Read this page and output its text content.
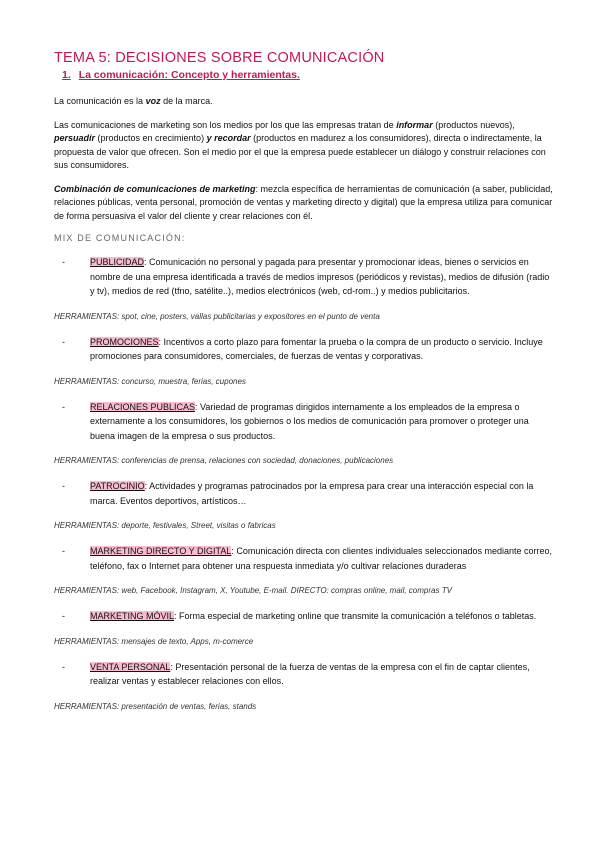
TEMA 5: DECISIONES SOBRE COMUNICACIÓN
1. La comunicación: Concepto y herramientas.

La comunicación es la voz de la marca.

Las comunicaciones de marketing son los medios por los que las empresas tratan de informar (productos nuevos), persuadir (productos en crecimiento) y recordar (productos en madurez a los consumidores), directa o indirectamente, la propuesta de valor que ofrecen. Son el medio por el que la empresa puede establecer un diálogo y construir relaciones con sus consumidores.

Combinación de comunicaciones de marketing: mezcla específica de herramientas de comunicación (a saber, publicidad, relaciones públicas, venta personal, promoción de ventas y marketing directo y digital) que la empresa utiliza para comunicar de forma persuasiva el valor del cliente y crear relaciones con él.

MIX DE COMUNICACIÓN:
-	PUBLICIDAD: Comunicación no personal y pagada para presentar y promocionar ideas, bienes o servicios en nombre de una empresa identificada a través de medios impresos (periódicos y revistas), medios de difusión (radio y tv), medios de red (tfno, satélite..), medios electrónicos (web, cd-rom..) y medios publicitarios.
HERRAMIENTAS: spot, cine, posters, vallas publicitarias y expositores en el punto de venta
-	PROMOCIONES: Incentivos a corto plazo para fomentar la prueba o la compra de un producto o servicio. Incluye promociones para consumidores, comerciales, de fuerzas de ventas y corporativas.
HERRAMIENTAS: concurso, muestra, ferias, cupones
-	RELACIONES PUBLICAS: Variedad de programas dirigidos internamente a los empleados de la empresa o externamente a los consumidores, los gobiernos o los medios de comunicación para promover o proteger una buena imagen de la empresa o sus productos.
HERRAMIENTAS: conferencias de prensa, relaciones con sociedad, donaciones, publicaciones
-	PATROCINIO: Actividades y programas patrocinados por la empresa para crear una interacción especial con la marca. Eventos deportivos, artísticos…
HERRAMIENTAS: deporte, festivales, Street, visitas o fabricas
-	MARKETING DIRECTO Y DIGITAL: Comunicación directa con clientes individuales seleccionados mediante correo, teléfono, fax o Internet para obtener una respuesta inmediata y/o cultivar relaciones duraderas
HERRAMIENTAS: web, Facebook, Instagram, X, Youtube, E-mail. DIRECTO: compras online, mail, compras TV
-	MARKETING MÓVIL: Forma especial de marketing online que transmite la comunicación a teléfonos o tabletas.
HERRAMIENTAS: mensajes de texto, Apps, m-comerce
-	VENTA PERSONAL: Presentación personal de la fuerza de ventas de la empresa con el fin de captar clientes, realizar ventas y establecer relaciones con ellos.
HERRAMIENTAS: presentación de ventas, ferias, stands
